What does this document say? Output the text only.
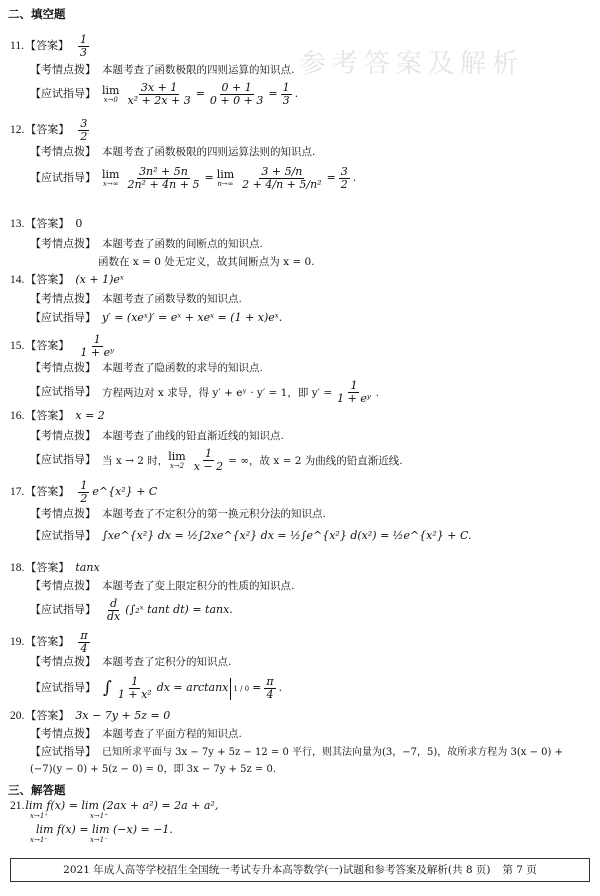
参考答案及解析
二、填空题
11. 【答案】 $\frac{1}{3}$
【考情点拨】 本题考查了函数极限的四则运算的知识点.
【应试指导】 lim
$x\to 0 \frac{3x + 1}{\text{x² + 2x + 3}} = \frac{0 + 1}{0 + 0 + 3} = \frac{1}{3}$ .
12. 【答案】 $\frac{3}{2}$
【考情点拨】 本题考查了函数极限的四则运算法则的知识点.
【应试指导】 lim
$x\to\infty \frac{\text{3n² + 5n}}{\text{2n² + 4n + 5}} = \lim$
$n\to\infty \frac{3 + 5/n}{\text{2 + 4/n + 5/n²}} = \frac{3}{2}$ .
13. 【答案】 0
【考情点拨】 本题考查了函数的间断点的知识点.
函数在 x = 0 处无定义，故其间断点为 x = 0.
14. 【答案】 (x + 1)eˣ
【考情点拨】 本题考查了函数导数的知识点.
【应试指导】 y′ = (xeˣ)′ = eˣ + xeˣ = (1 + x)eˣ.
15. 【答案】 $\frac{1}{\text{1 + eʸ}}$
【考情点拨】 本题考查了隐函数的求导的知识点.
【应试指导】 方程两边对 x 求导，得 y′ + eʸ · y′ = 1，即 $y' = \frac{1}{\text{1 + eʸ}}$ .
16. 【答案】 x = 2
【考情点拨】 本题考查了曲线的铅直渐近线的知识点.
【应试指导】 当 x → 2 时， lim
$x\to 2 \frac{1}{x - 2}$ = ∞，故 x = 2 为曲线的铅直渐近线.
17. 【答案】 $\frac{1}{2}$ e^{x²} + C
【考情点拨】 本题考查了不定积分的第一换元积分法的知识点.
【应试指导】 ∫xe^{x²} dx = ½∫2xe^{x²} dx = ½∫e^{x²} d(x²) = ½e^{x²} + C.
18. 【答案】 tanx
【考情点拨】 本题考查了变上限定积分的性质的知识点.
【应试指导】 $\frac{d}{dx}$ (∫₂ˣ tant dt) = tanx.
19. 【答案】 $\frac{\pi}{4}$
【考情点拨】 本题考查了定积分的知识点.
【应试指导】 ∫ $\frac{1}{\text{1 + x²}}$ dx = arctanx $1 / 0 = \frac{\pi}{4}$ .
20. 【答案】 3x − 7y + 5z = 0
【考情点拨】 本题考查了平面方程的知识点.
【应试指导】 已知所求平面与 3x − 7y + 5z − 12 = 0 平行，则其法向量为(3，−7，5)，故所求方程为 3(x − 0) +
(−7)(y − 0) + 5(z − 0) = 0，即 3x − 7y + 5z = 0.
三、解答题
21. lim f(x) = lim (2ax + a²) = 2a + a²,
x→1⁺	x→1⁺
lim f(x) = lim (−x) = −1.
x→1⁻	x→1⁻
2021 年成人高等学校招生全国统一考试专升本高等数学(一)试题和参考答案及解析(共 8 页) 第 7 页
